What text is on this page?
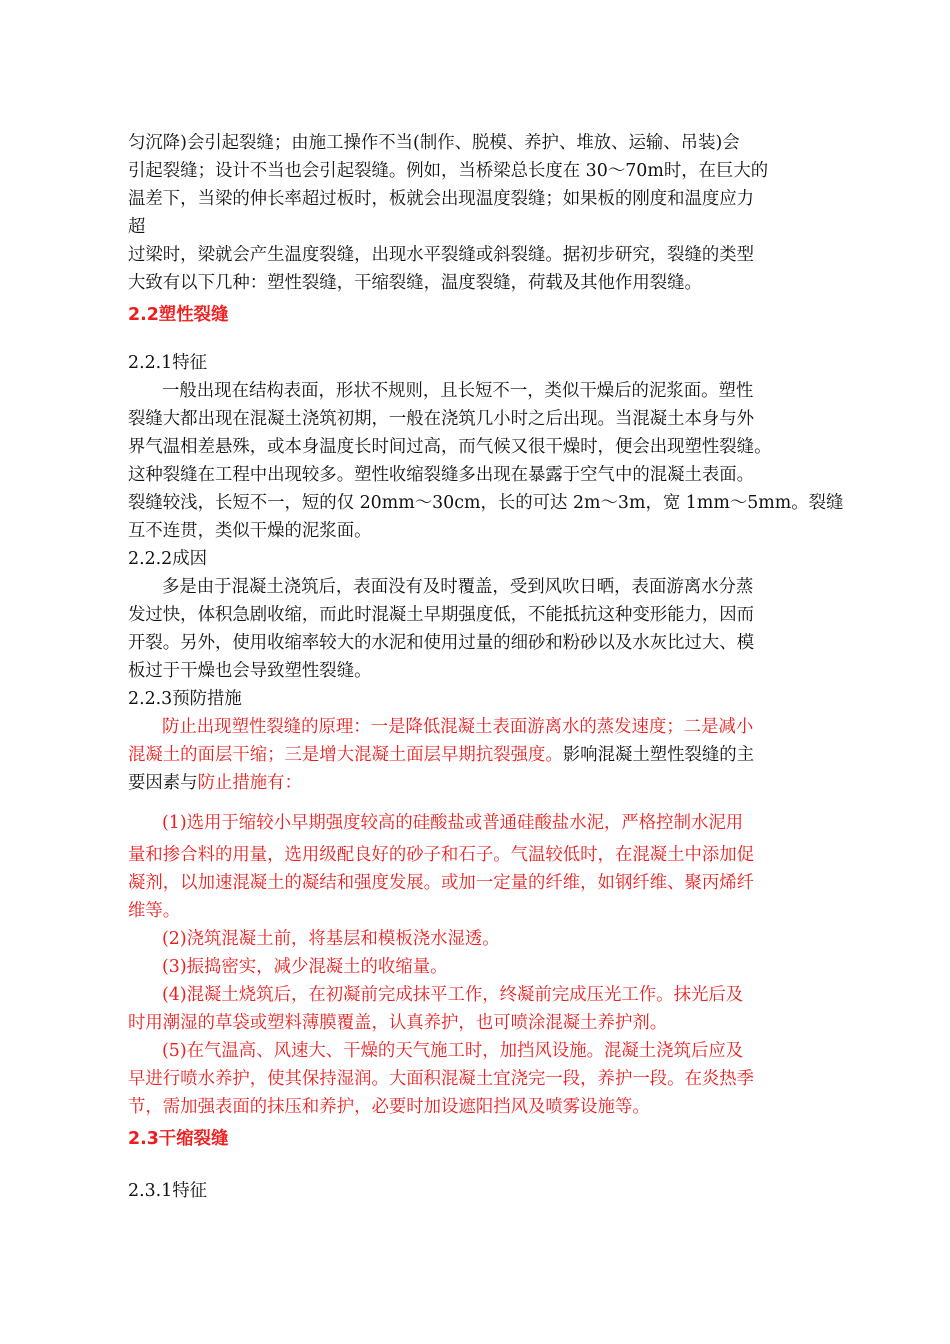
匀沉降)会引起裂缝；由施工操作不当(制作、脱模、养护、堆放、运输、吊装)会
引起裂缝；设计不当也会引起裂缝。例如，当桥梁总长度在 30～70m时，在巨大的
温差下，当梁的伸长率超过板时，板就会出现温度裂缝；如果板的刚度和温度应力
超
过梁时，梁就会产生温度裂缝，出现水平裂缝或斜裂缝。据初步研究，裂缝的类型
大致有以下几种：塑性裂缝，干缩裂缝，温度裂缝，荷载及其他作用裂缝。
2.2塑性裂缝
2.2.1特征
一般出现在结构表面，形状不规则，且长短不一，类似干燥后的泥浆面。塑性
裂缝大都出现在混凝土浇筑初期，一般在浇筑几小时之后出现。当混凝土本身与外
界气温相差悬殊，或本身温度长时间过高，而气候又很干燥时，便会出现塑性裂缝。
这种裂缝在工程中出现较多。塑性收缩裂缝多出现在暴露于空气中的混凝土表面。
裂缝较浅，长短不一，短的仅 20mm～30cm，长的可达 2m～3m，宽 1mm～5mm。裂缝
互不连贯，类似干燥的泥浆面。
2.2.2成因
多是由于混凝土浇筑后，表面没有及时覆盖，受到风吹日晒，表面游离水分蒸
发过快，体积急剧收缩，而此时混凝土早期强度低，不能抵抗这种变形能力，因而
开裂。另外，使用收缩率较大的水泥和使用过量的细砂和粉砂以及水灰比过大、模
板过于干燥也会导致塑性裂缝。
2.2.3预防措施
防止出现塑性裂缝的原理：一是降低混凝土表面游离水的蒸发速度；二是减小
混凝土的面层干缩；三是增大混凝土面层早期抗裂强度。影响混凝土塑性裂缝的主
要因素与防止措施有：
(1)选用于缩较小早期强度较高的硅酸盐或普通硅酸盐水泥，严格控制水泥用
量和掺合料的用量，选用级配良好的砂子和石子。气温较低时，在混凝土中添加促
凝剂，以加速混凝土的凝结和强度发展。或加一定量的纤维，如钢纤维、聚丙烯纤
维等。
(2)浇筑混凝土前，将基层和模板浇水湿透。
(3)振捣密实，减少混凝土的收缩量。
(4)混凝土烧筑后，在初凝前完成抹平工作，终凝前完成压光工作。抹光后及
时用潮湿的草袋或塑料薄膜覆盖，认真养护，也可喷涂混凝土养护剂。
(5)在气温高、风速大、干燥的天气施工时，加挡风设施。混凝土浇筑后应及
早进行喷水养护，使其保持湿润。大面积混凝土宜浇完一段，养护一段。在炎热季
节，需加强表面的抹压和养护，必要时加设遮阳挡风及喷雾设施等。
2.3干缩裂缝
2.3.1特征
